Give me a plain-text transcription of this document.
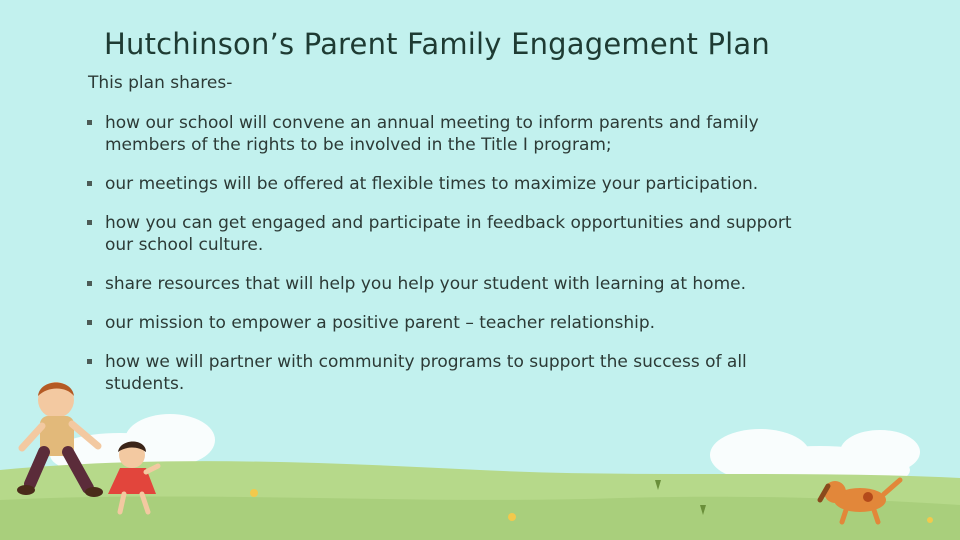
Hutchinson’s Parent Family Engagement Plan
This plan shares-
how our school will convene an annual meeting to inform parents and family members of the rights to be involved in the Title I program;
our meetings will be offered at flexible times to maximize your participation.
how you can get engaged and participate in feedback opportunities and support our school culture.
share resources that will help you help your student with learning at home.
our mission to empower a positive parent – teacher relationship.
how we will partner with community programs to support the success of all students.
